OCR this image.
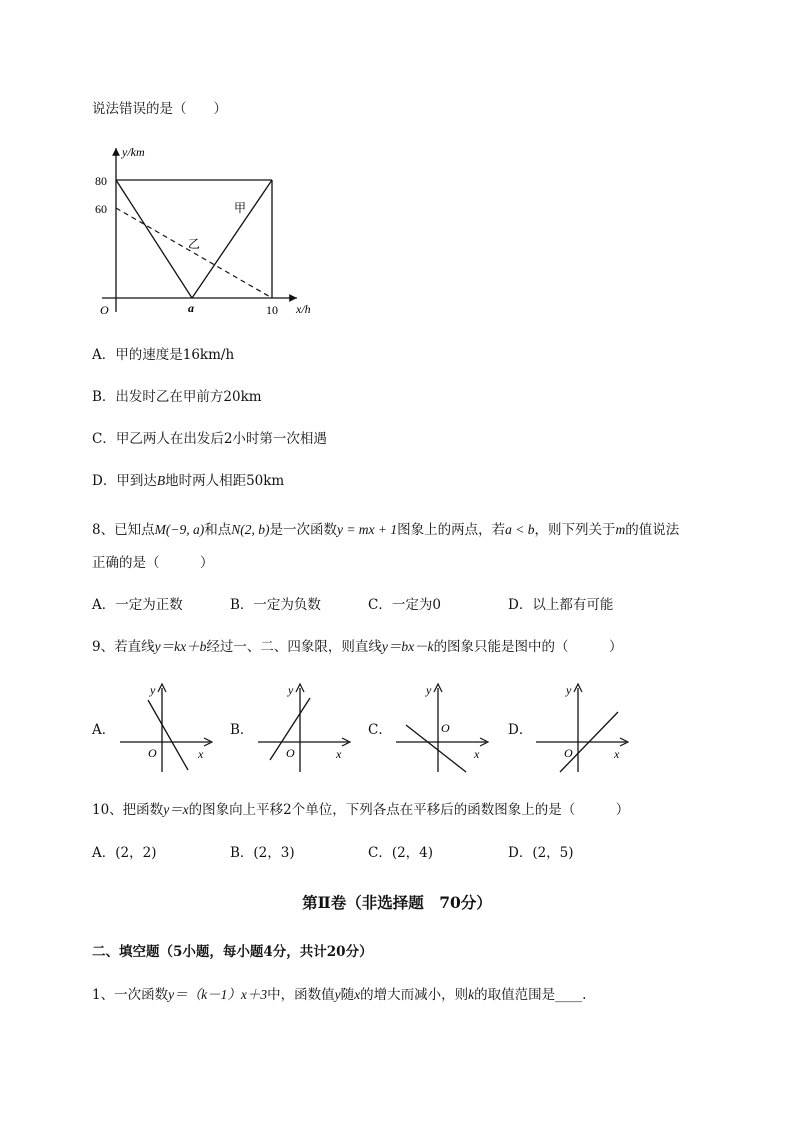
说法错误的是（　　）
y/km
x/h
O
80
60
a	10
甲
乙
A．甲的速度是16km/h
B．出发时乙在甲前方20km
C．甲乙两人在出发后2小时第一次相遇
D．甲到达B地时两人相距50km
8、已知点M(−9, a)和点N(2, b)是一次函数y = mx + 1图象上的两点，若a < b，则下列关于m的值说法
正确的是（　　　）
A．一定为正数	B．一定为负数	C．一定为0	D．以上都有可能
9、若直线y＝kx＋b经过一、二、四象限，则直线y＝bx－k的图象只能是图中的（　　　）
A．
y
x
O
B．
y
x
O
C．
y
x
O	D．
y
x
O
10、把函数y＝x的图象向上平移2个单位，下列各点在平移后的函数图象上的是（　　　）
A．(2，2)	B．(2，3)	C．(2，4)	D．(2，5)
第Ⅱ卷（非选择题　70分）
二、填空题（5小题，每小题4分，共计20分）
1、一次函数y＝（k－1）x＋3中，函数值y随x的增大而减小，则k的取值范围是____.
